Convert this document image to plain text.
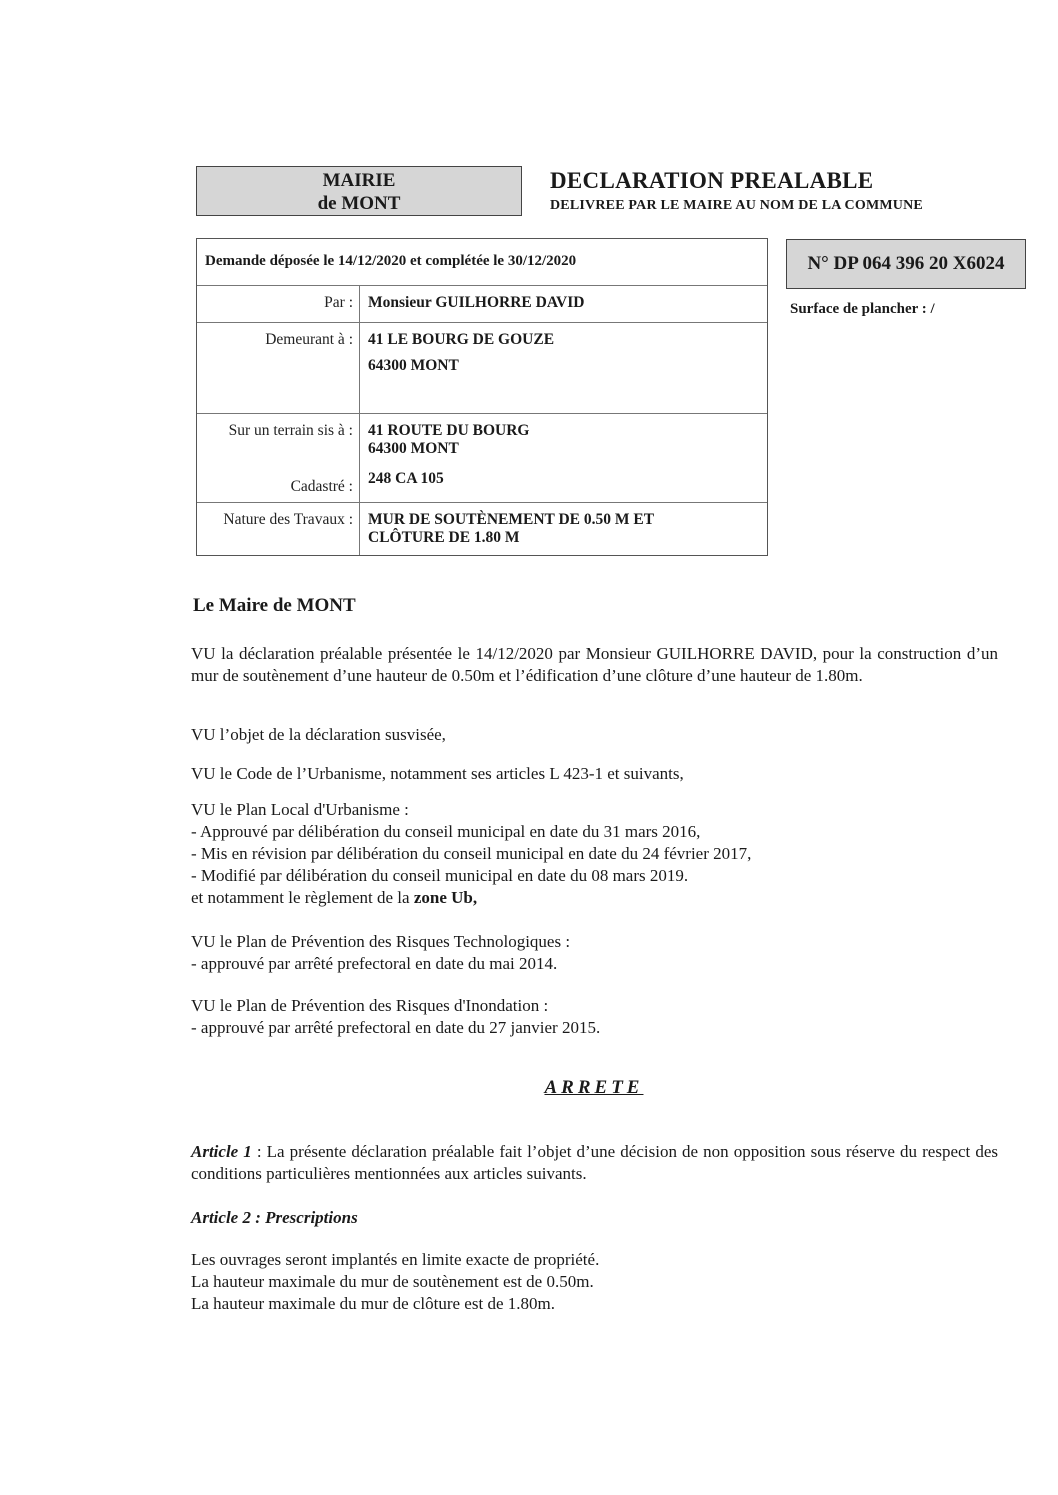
MAIRIE
de MONT
DECLARATION PREALABLE
DELIVREE PAR LE MAIRE AU NOM DE LA COMMUNE
Demande déposée le 14/12/2020 et complétée le 30/12/2020
Par : Monsieur GUILHORRE DAVID
Demeurant à : 41 LE BOURG DE GOUZE
64300 MONT
Sur un terrain sis à :
Cadastré :
41 ROUTE DU BOURG
64300 MONT
248 CA 105
Nature des Travaux : MUR DE SOUTÈNEMENT DE 0.50 M ET
CLÔTURE DE 1.80 M
N° DP 064 396 20 X6024
Surface de plancher : /
Le Maire de MONT
VU la déclaration préalable présentée le 14/12/2020 par Monsieur GUILHORRE DAVID, pour la construction d’un mur de soutènement d’une hauteur de 0.50m et l’édification d’une clôture d’une hauteur de 1.80m.
VU l’objet de la déclaration susvisée,
VU le Code de l’Urbanisme, notamment ses articles L 423-1 et suivants,
VU le Plan Local d'Urbanisme :
- Approuvé par délibération du conseil municipal en date du 31 mars 2016,
- Mis en révision par délibération du conseil municipal en date du 24 février 2017,
- Modifié par délibération du conseil municipal en date du 08 mars 2019.
et notamment le règlement de la zone Ub,
VU le Plan de Prévention des Risques Technologiques :
- approuvé par arrêté prefectoral en date du mai 2014.
VU le Plan de Prévention des Risques d'Inondation :
- approuvé par arrêté prefectoral en date du 27 janvier 2015.
ARRETE
Article 1 : La présente déclaration préalable fait l’objet d’une décision de non opposition sous réserve du respect des conditions particulières mentionnées aux articles suivants.
Article 2 : Prescriptions
Les ouvrages seront implantés en limite exacte de propriété.
La hauteur maximale du mur de soutènement est de 0.50m.
La hauteur maximale du mur de clôture est de 1.80m.
